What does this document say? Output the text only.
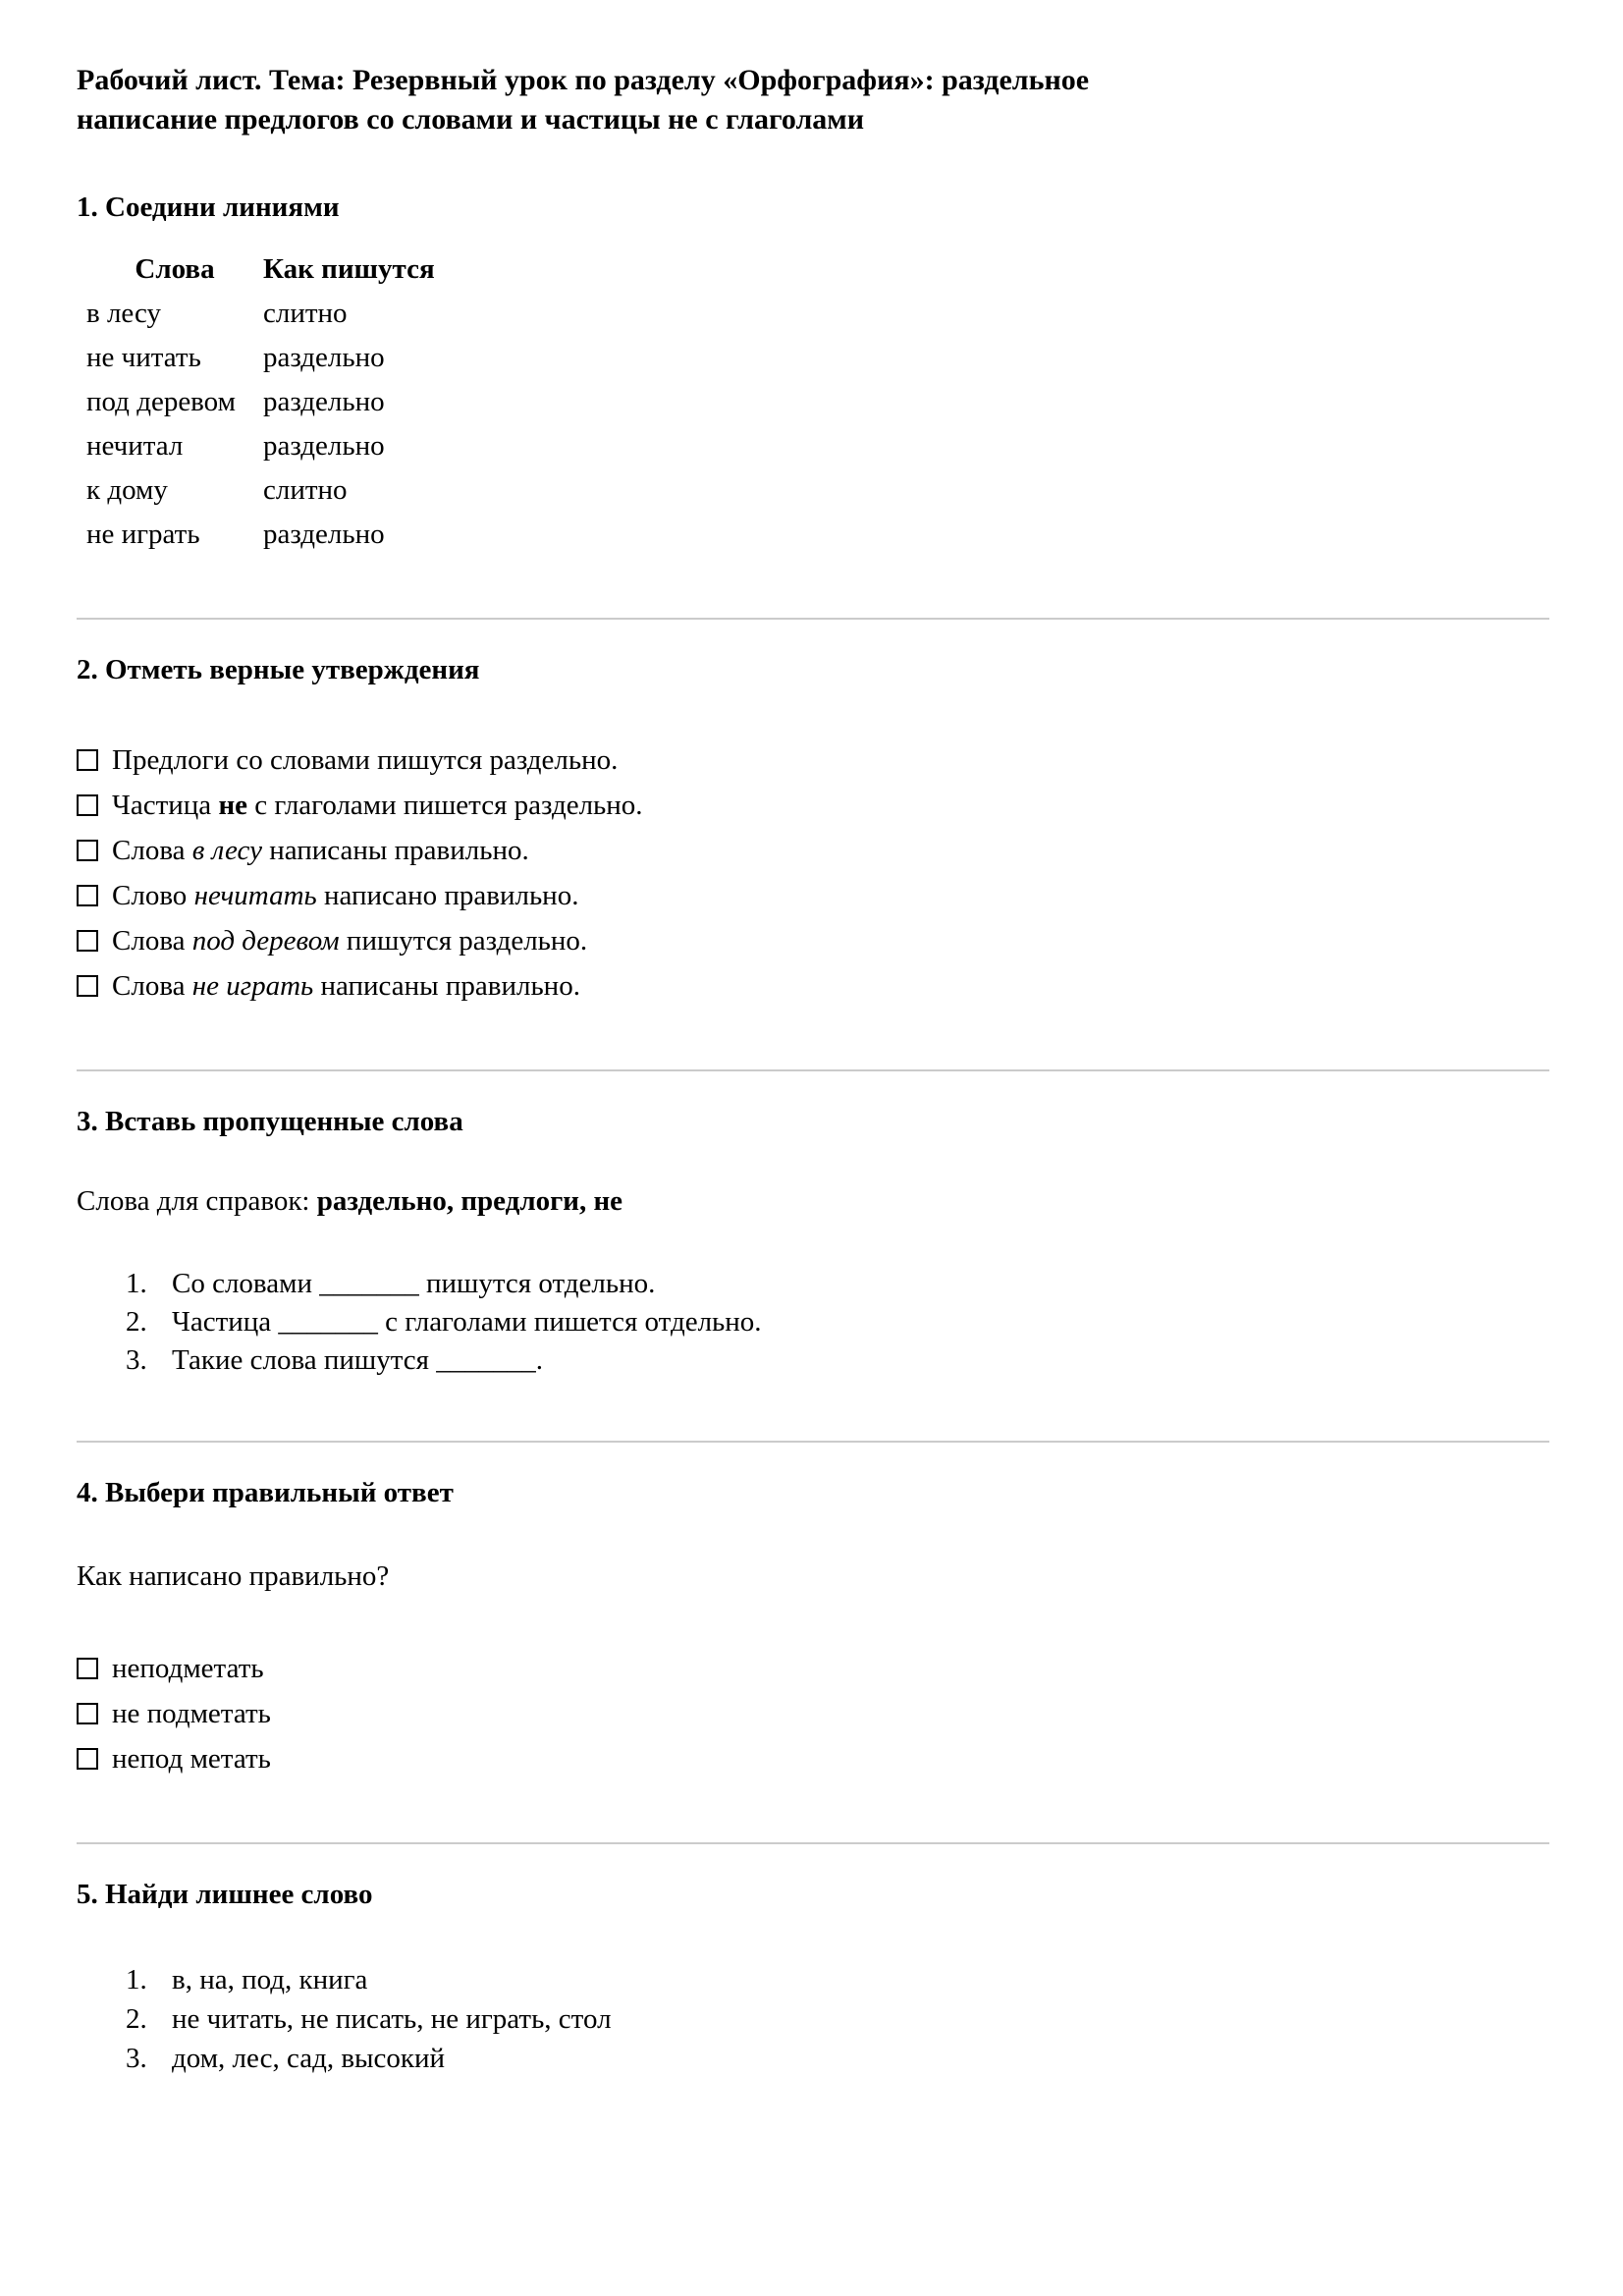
Рабочий лист. Тема: Резервный урок по разделу «Орфография»: раздельное написание предлогов со словами и частицы не с глаголами
1. Соедини линиями
Слова	Как пишутся
в лесу	слитно
не читать	раздельно
под деревом раздельно
нечитал	раздельно
к дому	слитно
не играть	раздельно
2. Отметь верные утверждения
Предлоги со словами пишутся раздельно.
Частица не с глаголами пишется раздельно.
Слова в лесу написаны правильно.
Слово нечитать написано правильно.
Слова под деревом пишутся раздельно.
Слова не играть написаны правильно.
3. Вставь пропущенные слова

Слова для справок: раздельно, предлоги, не

1. Со словами _______ пишутся отдельно.
2. Частица _______ с глаголами пишется отдельно.
3. Такие слова пишутся _______.
4. Выбери правильный ответ

Как написано правильно?

неподметать
не подметать
непод метать
5. Найди лишнее слово
1. в, на, под, книга
2. не читать, не писать, не играть, стол
3. дом, лес, сад, высокий
